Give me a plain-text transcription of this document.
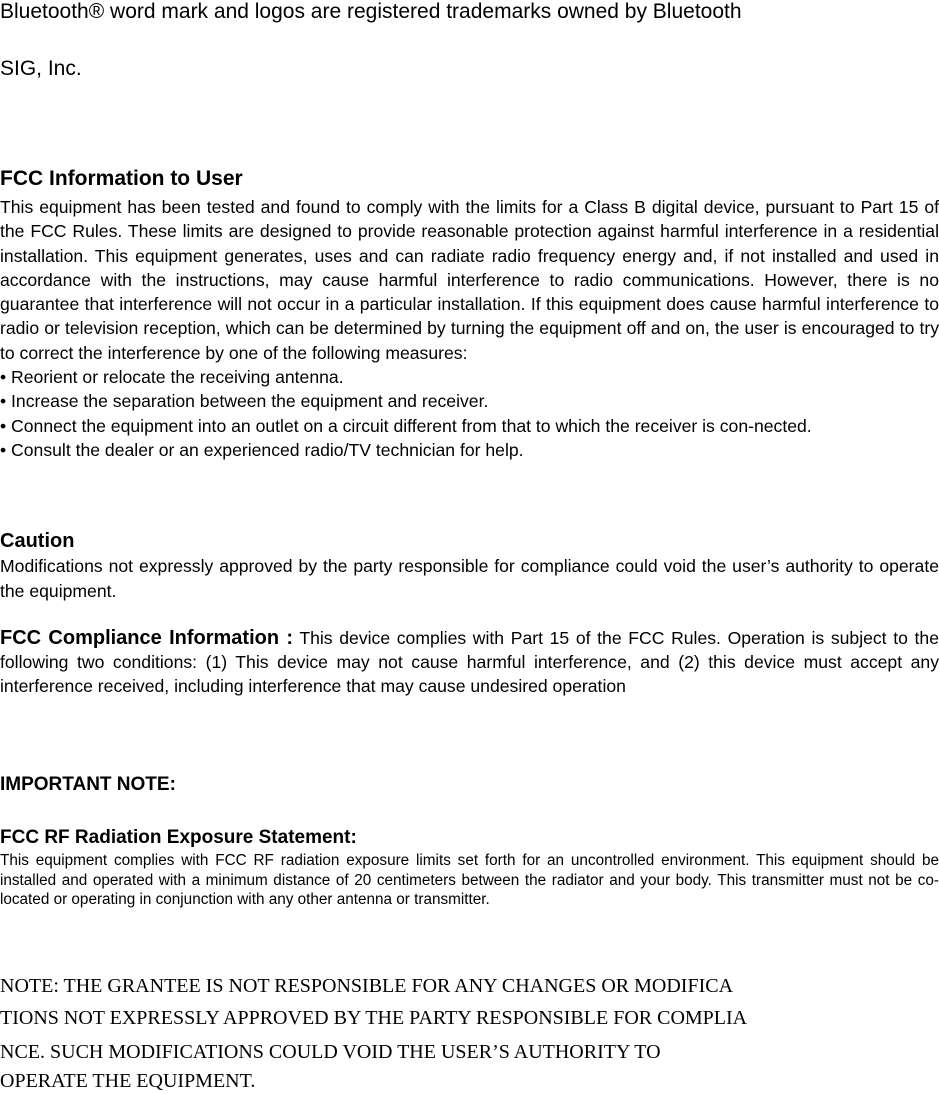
Bluetooth® word mark and logos are registered trademarks owned by Bluetooth

SIG, Inc.

FCC Information to User
This equipment has been tested and found to comply with the limits for a Class B digital device, pursuant to Part 15 of the FCC Rules. These limits are designed to provide reasonable protection against harmful interference in a residential installation. This equipment generates, uses and can radiate radio frequency energy and, if not installed and used in accordance with the instructions, may cause harmful interference to radio communications. However, there is no guarantee that interference will not occur in a particular installation. If this equipment does cause harmful interference to radio or television reception, which can be determined by turning the equipment off and on, the user is encouraged to try to correct the interference by one of the following measures:
• Reorient or relocate the receiving antenna.
• Increase the separation between the equipment and receiver.
• Connect the equipment into an outlet on a circuit different from that to which the receiver is con-nected.
• Consult the dealer or an experienced radio/TV technician for help.
Caution

Modifications not expressly approved by the party responsible for compliance could void the user’s authority to operate the equipment.

FCC Compliance Information : This device complies with Part 15 of the FCC Rules. Operation is subject to the following two conditions: (1) This device may not cause harmful interference, and (2) this device must accept any interference received, including interference that may cause undesired operation

IMPORTANT NOTE:
FCC RF Radiation Exposure Statement:

This equipment complies with FCC RF radiation exposure limits set forth for an uncontrolled environment. This equipment should be installed and operated with a minimum distance of 20 centimeters between the radiator and your body. This transmitter must not be co-located or operating in conjunction with any other antenna or transmitter.

NOTE: THE GRANTEE IS NOT RESPONSIBLE FOR ANY CHANGES OR MODIFICA

TIONS NOT EXPRESSLY APPROVED BY THE PARTY RESPONSIBLE FOR COMPLIA

NCE. SUCH MODIFICATIONS COULD VOID THE USER’S AUTHORITY TO

OPERATE THE EQUIPMENT.
